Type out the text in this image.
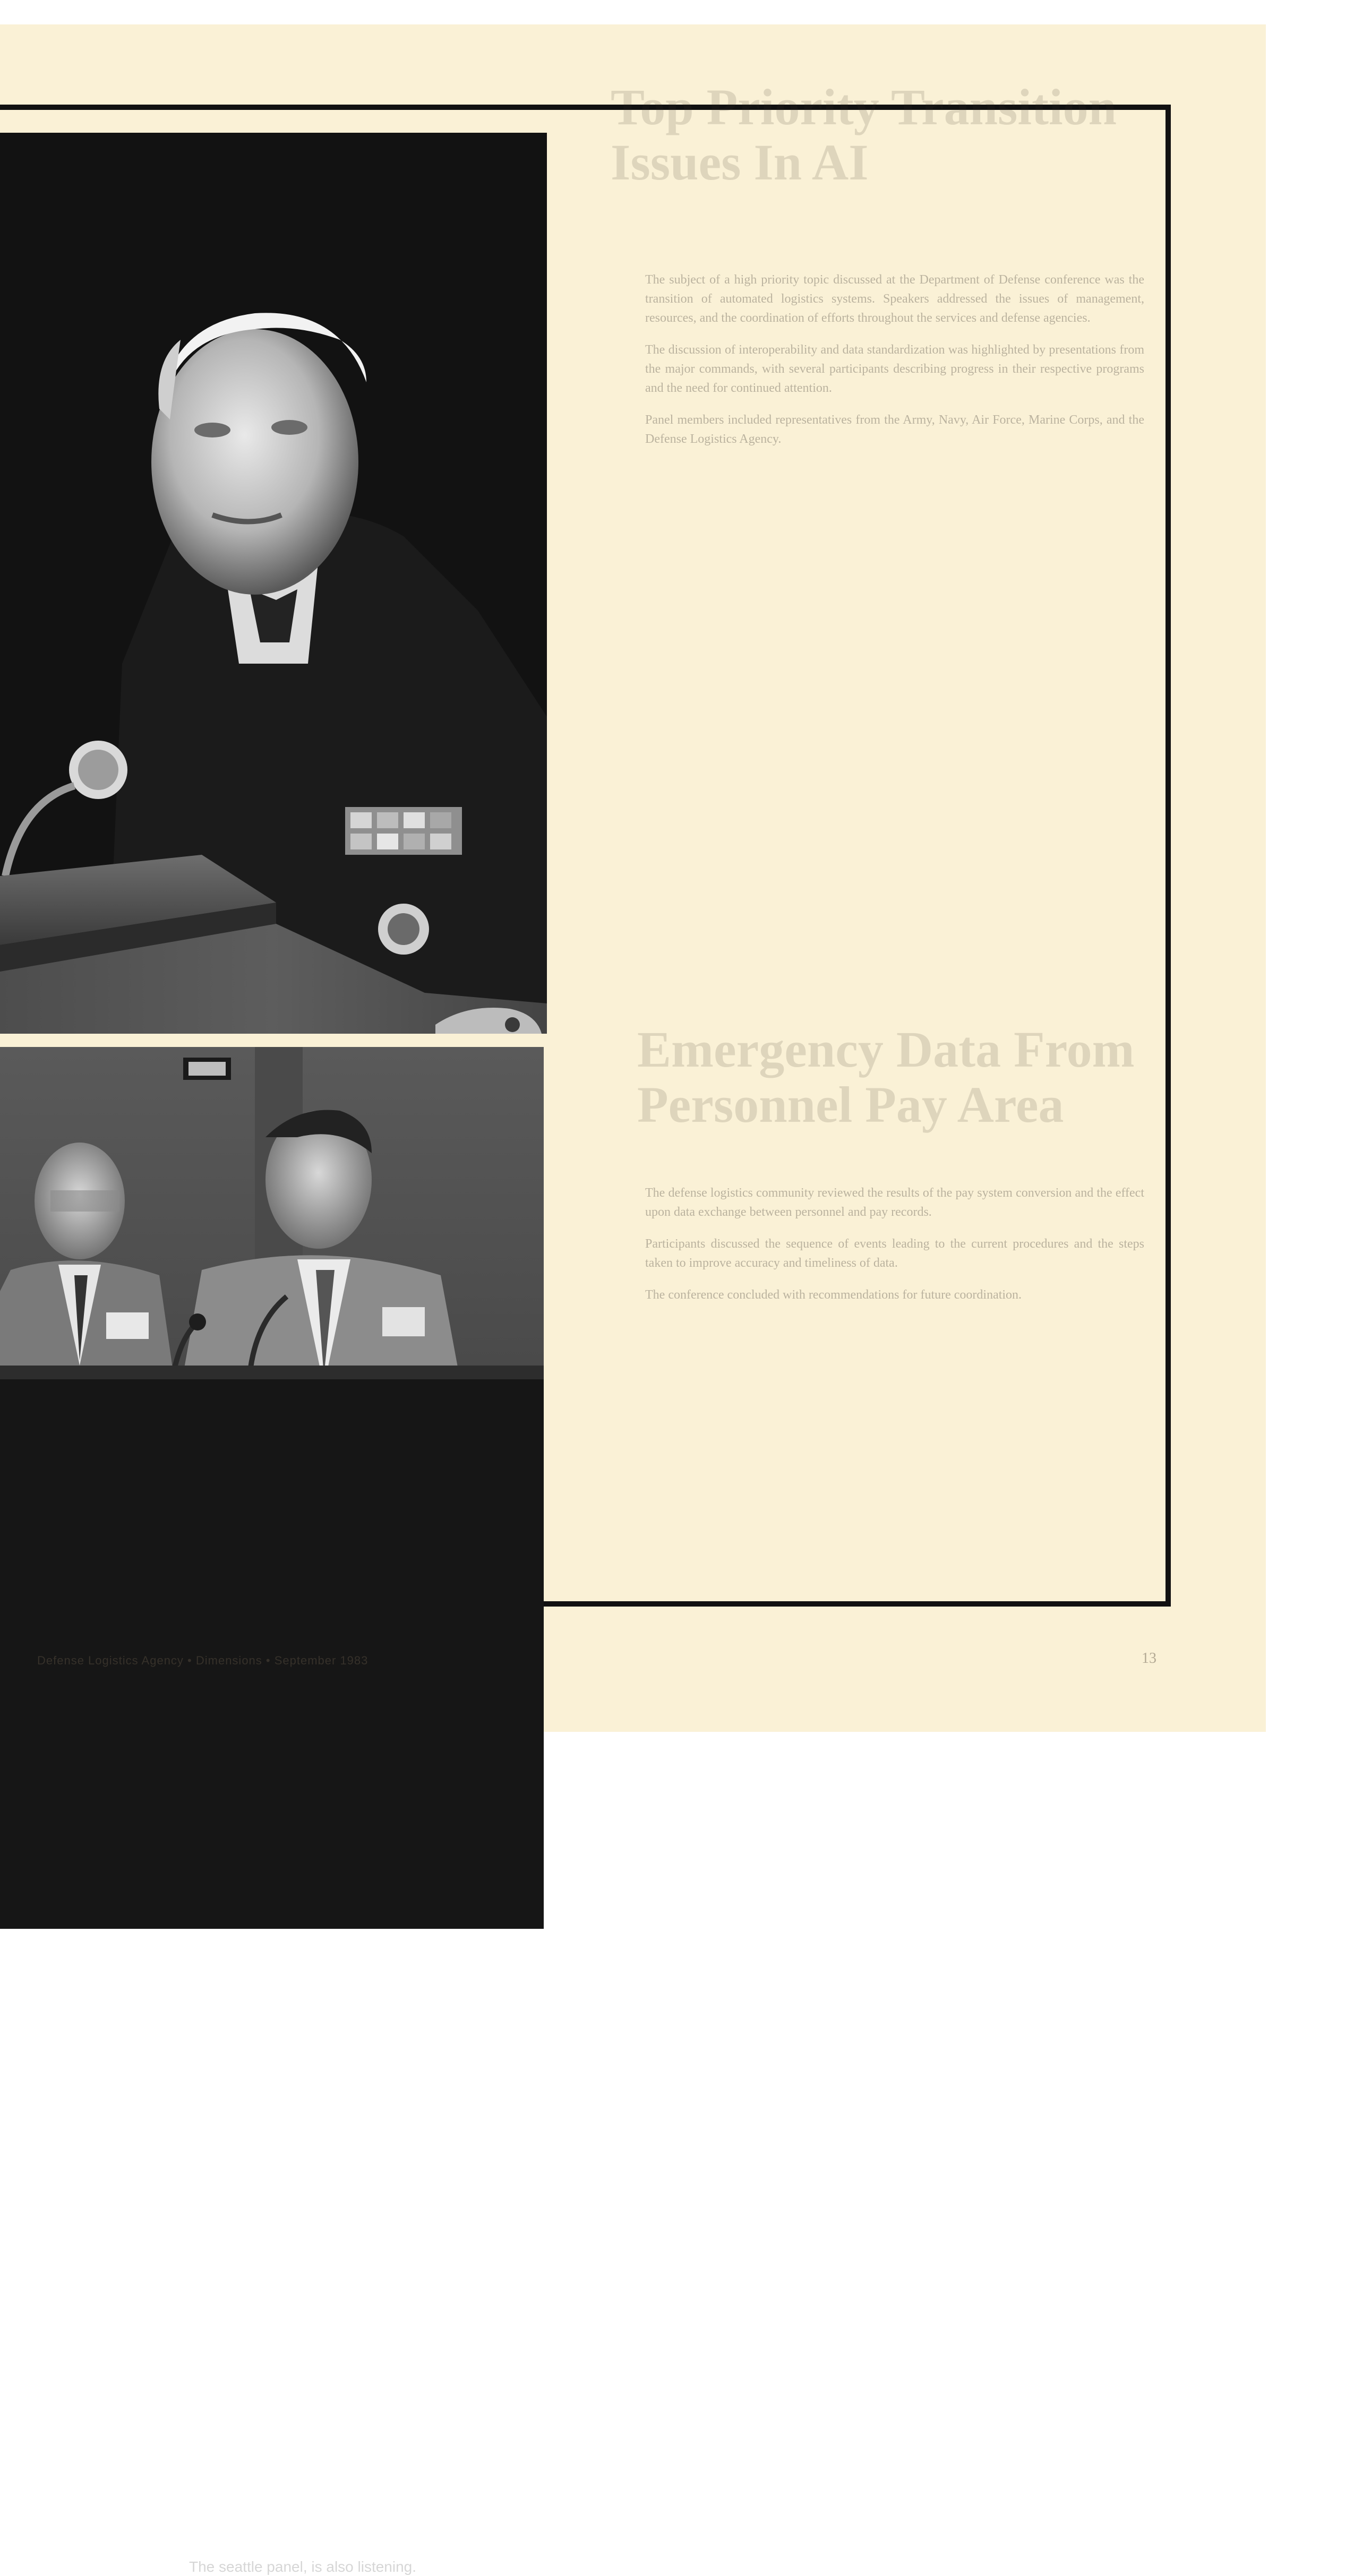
Top Priority Transition Issues In AI

The subject of a high priority topic discussed at the Department of Defense conference was the transition of automated logistics systems. Speakers addressed the issues of management, resources, and the coordination of efforts throughout the services and defense agencies.

The discussion of interoperability and data standardization was highlighted by presentations from the major commands, with several participants describing progress in their respective programs and the need for continued attention.

Panel members included representatives from the Army, Navy, Air Force, Marine Corps, and the Defense Logistics Agency.

Emergency Data From Personnel Pay Area

The defense logistics community reviewed the results of the pay system conversion and the effect upon data exchange between personnel and pay records.

Participants discussed the sequence of events leading to the current procedures and the steps taken to improve accuracy and timeliness of data.

The conference concluded with recommendations for future coordination.

The seattle panel, is also listening.
Defense Logistics Agency • Dimensions • September 1983	13
